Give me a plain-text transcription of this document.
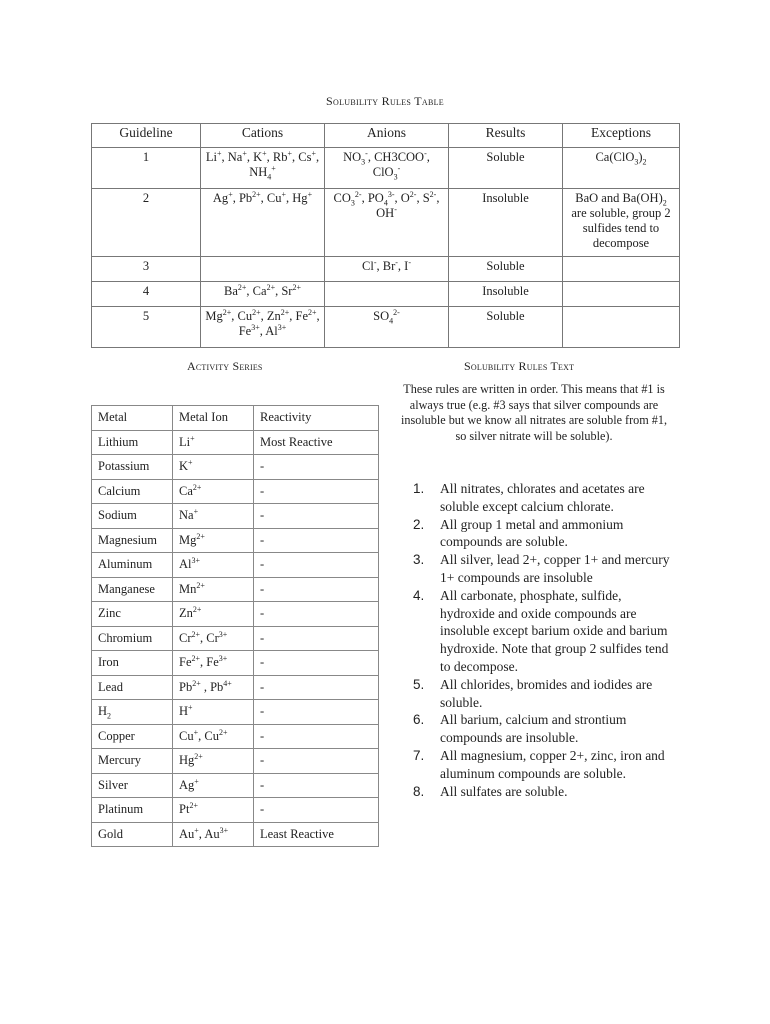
Solubility Rules Table
Guideline	Cations	Anions	Results	Exceptions
1	Li+, Na+, K+, Rb+, Cs+, $NH_4^+$	$NO_3^-$, CH3COO-, ClO$_3$-	Soluble	$Ca(ClO_3)_2$
2	Ag+, $Pb^{2+}$, Cu+, Hg+	$CO_3^{2-}$, $PO_4^{3-}$, $O^{2-}$, $S^{2-}$, OH-	Insoluble	BaO and $Ba(OH)_2$ are soluble, group 2 sulfides tend to decompose
3		Cl-, Br-, I-	Soluble	
4	$Ba^{2+}$, $Ca^{2+}$, $Sr^{2+}$		Insoluble	
5	$Mg^{2+}$, $Cu^{2+}$, $Zn^{2+}$, $Fe^{2+}$, $Fe^{3+}$, $Al^{3+}$	$SO_4^{2-}$	Soluble	
Activity Series	Solubility Rules Text
Metal	Metal Ion	Reactivity
Lithium	Li+	Most Reactive
Potassium	K+	-
Calcium	$Ca^{2+}$	-
Sodium	Na+	-
Magnesium	$Mg^{2+}$	-
Aluminum	$Al^{3+}$	-
Manganese	$Mn^{2+}$	-
Zinc	$Zn^{2+}$	-
Chromium	$Cr^{2+}$, $Cr^{3+}$	-
Iron	$Fe^{2+}$, $Fe^{3+}$	-
Lead	$Pb^{2+}$ , $Pb^{4+}$	-
$H_2$	H+	-
Copper	Cu+, $Cu^{2+}$	-
Mercury	$Hg^{2+}$	-
Silver	Ag+	-
Platinum	$Pt^{2+}$	-
Gold	Au+, $Au^{3+}$	Least Reactive
These rules are written in order. This means that #1 is always true (e.g. #3 says that silver compounds are insoluble but we know all nitrates are soluble from #1, so silver nitrate will be soluble).
1. All nitrates, chlorates and acetates are soluble except calcium chlorate.
2. All group 1 metal and ammonium compounds are soluble.
3. All silver, lead 2+, copper 1+ and mercury 1+ compounds are insoluble
4. All carbonate, phosphate, sulfide, hydroxide and oxide compounds are insoluble except barium oxide and barium hydroxide. Note that group 2 sulfides tend to decompose.
5. All chlorides, bromides and iodides are soluble.
6. All barium, calcium and strontium compounds are insoluble.
7. All magnesium, copper 2+, zinc, iron and aluminum compounds are soluble.
8. All sulfates are soluble.
